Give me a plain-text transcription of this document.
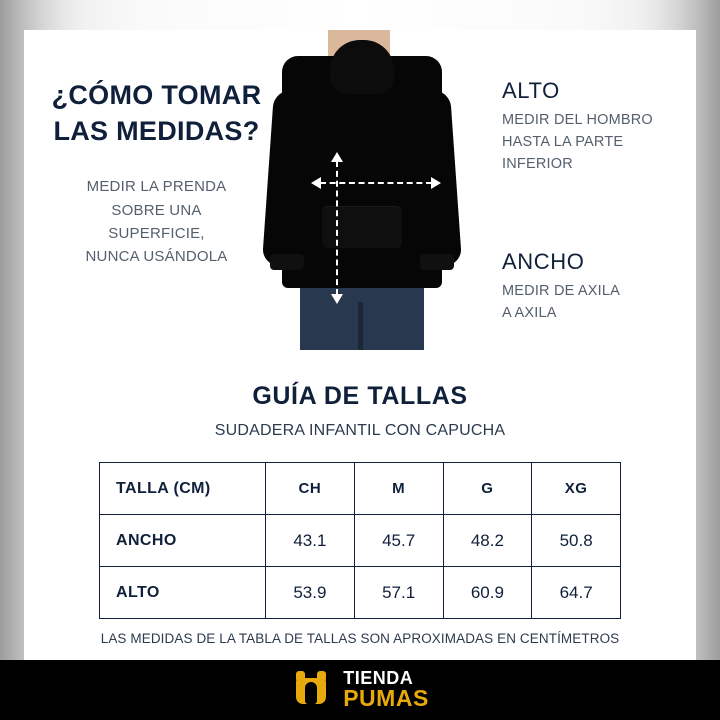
¿CÓMO TOMAR
LAS MEDIDAS?
MEDIR LA PRENDA
SOBRE UNA
SUPERFICIE,
NUNCA USÁNDOLA
ALTO
MEDIR DEL HOMBRO
HASTA LA PARTE
INFERIOR
ANCHO
MEDIR DE AXILA
A AXILA
GUÍA DE TALLAS
SUDADERA INFANTIL CON CAPUCHA
TALLA (CM)	CH	M	G	XG
ANCHO	43.1	45.7	48.2	50.8
ALTO	53.9	57.1	60.9	64.7
LAS MEDIDAS DE LA TABLA DE TALLAS SON APROXIMADAS EN CENTÍMETROS
TIENDA
PUMAS
